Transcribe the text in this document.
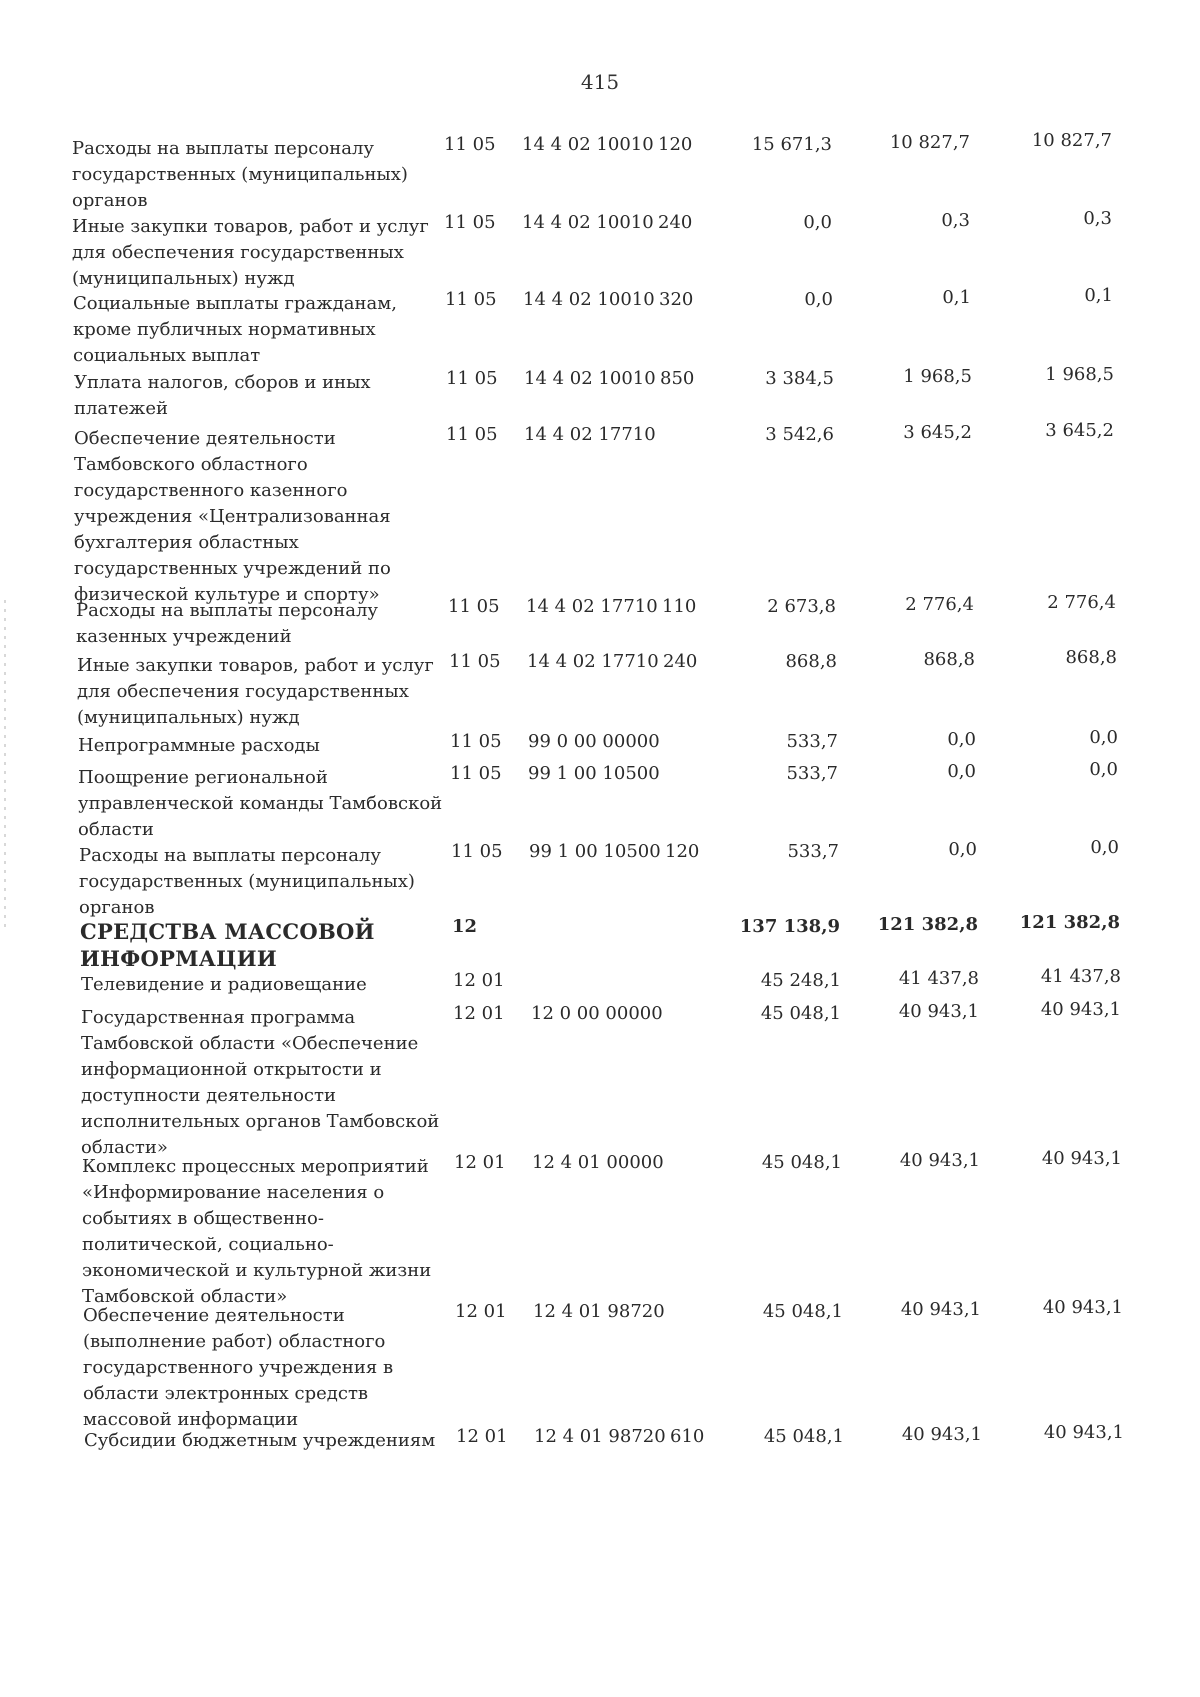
415
Расходы на выплаты персоналу
государственных (муниципальных)
органов
11 05 14 4 02 10010 120	15 671,3	10 827,7	10 827,7
Иные закупки товаров, работ и услуг
для обеспечения государственных
(муниципальных) нужд
11 05 14 4 02 10010 240	0,0	0,3	0,3
Социальные выплаты гражданам,
кроме публичных нормативных
социальных выплат
11 05 14 4 02 10010 320	0,0	0,1	0,1
Уплата налогов, сборов и иных
платежей
11 05 14 4 02 10010 850	3 384,5	1 968,5	1 968,5
Обеспечение деятельности
Тамбовского областного
государственного казенного
учреждения «Централизованная
бухгалтерия областных
государственных учреждений по
физической культуре и спорту»
11 05 14 4 02 17710	3 542,6	3 645,2	3 645,2
Расходы на выплаты персоналу
казенных учреждений
11 05 14 4 02 17710 110	2 673,8	2 776,4	2 776,4
Иные закупки товаров, работ и услуг
для обеспечения государственных
(муниципальных) нужд
11 05 14 4 02 17710 240	868,8	868,8	868,8
Непрограммные расходы	11 05 99 0 00 00000	533,7	0,0	0,0
Поощрение региональной
управленческой команды Тамбовской
области
11 05 99 1 00 10500	533,7	0,0	0,0
Расходы на выплаты персоналу
государственных (муниципальных)
органов
11 05 99 1 00 10500 120	533,7	0,0	0,0
СРЕДСТВА МАССОВОЙ
ИНФОРМАЦИИ
12	137 138,9	121 382,8	121 382,8
Телевидение и радиовещание	12 01	45 248,1	41 437,8	41 437,8
Государственная программа
Тамбовской области «Обеспечение
информационной открытости и
доступности деятельности
исполнительных органов Тамбовской
области»
12 01 12 0 00 00000	45 048,1	40 943,1	40 943,1
Комплекс процессных мероприятий
«Информирование населения о
событиях в общественно-
политической, социально-
экономической и культурной жизни
Тамбовской области»
12 01 12 4 01 00000	45 048,1	40 943,1	40 943,1
Обеспечение деятельности
(выполнение работ) областного
государственного учреждения в
области электронных средств
массовой информации
12 01 12 4 01 98720	45 048,1	40 943,1	40 943,1
Субсидии бюджетным учреждениям	12 01 12 4 01 98720 610	45 048,1	40 943,1	40 943,1
